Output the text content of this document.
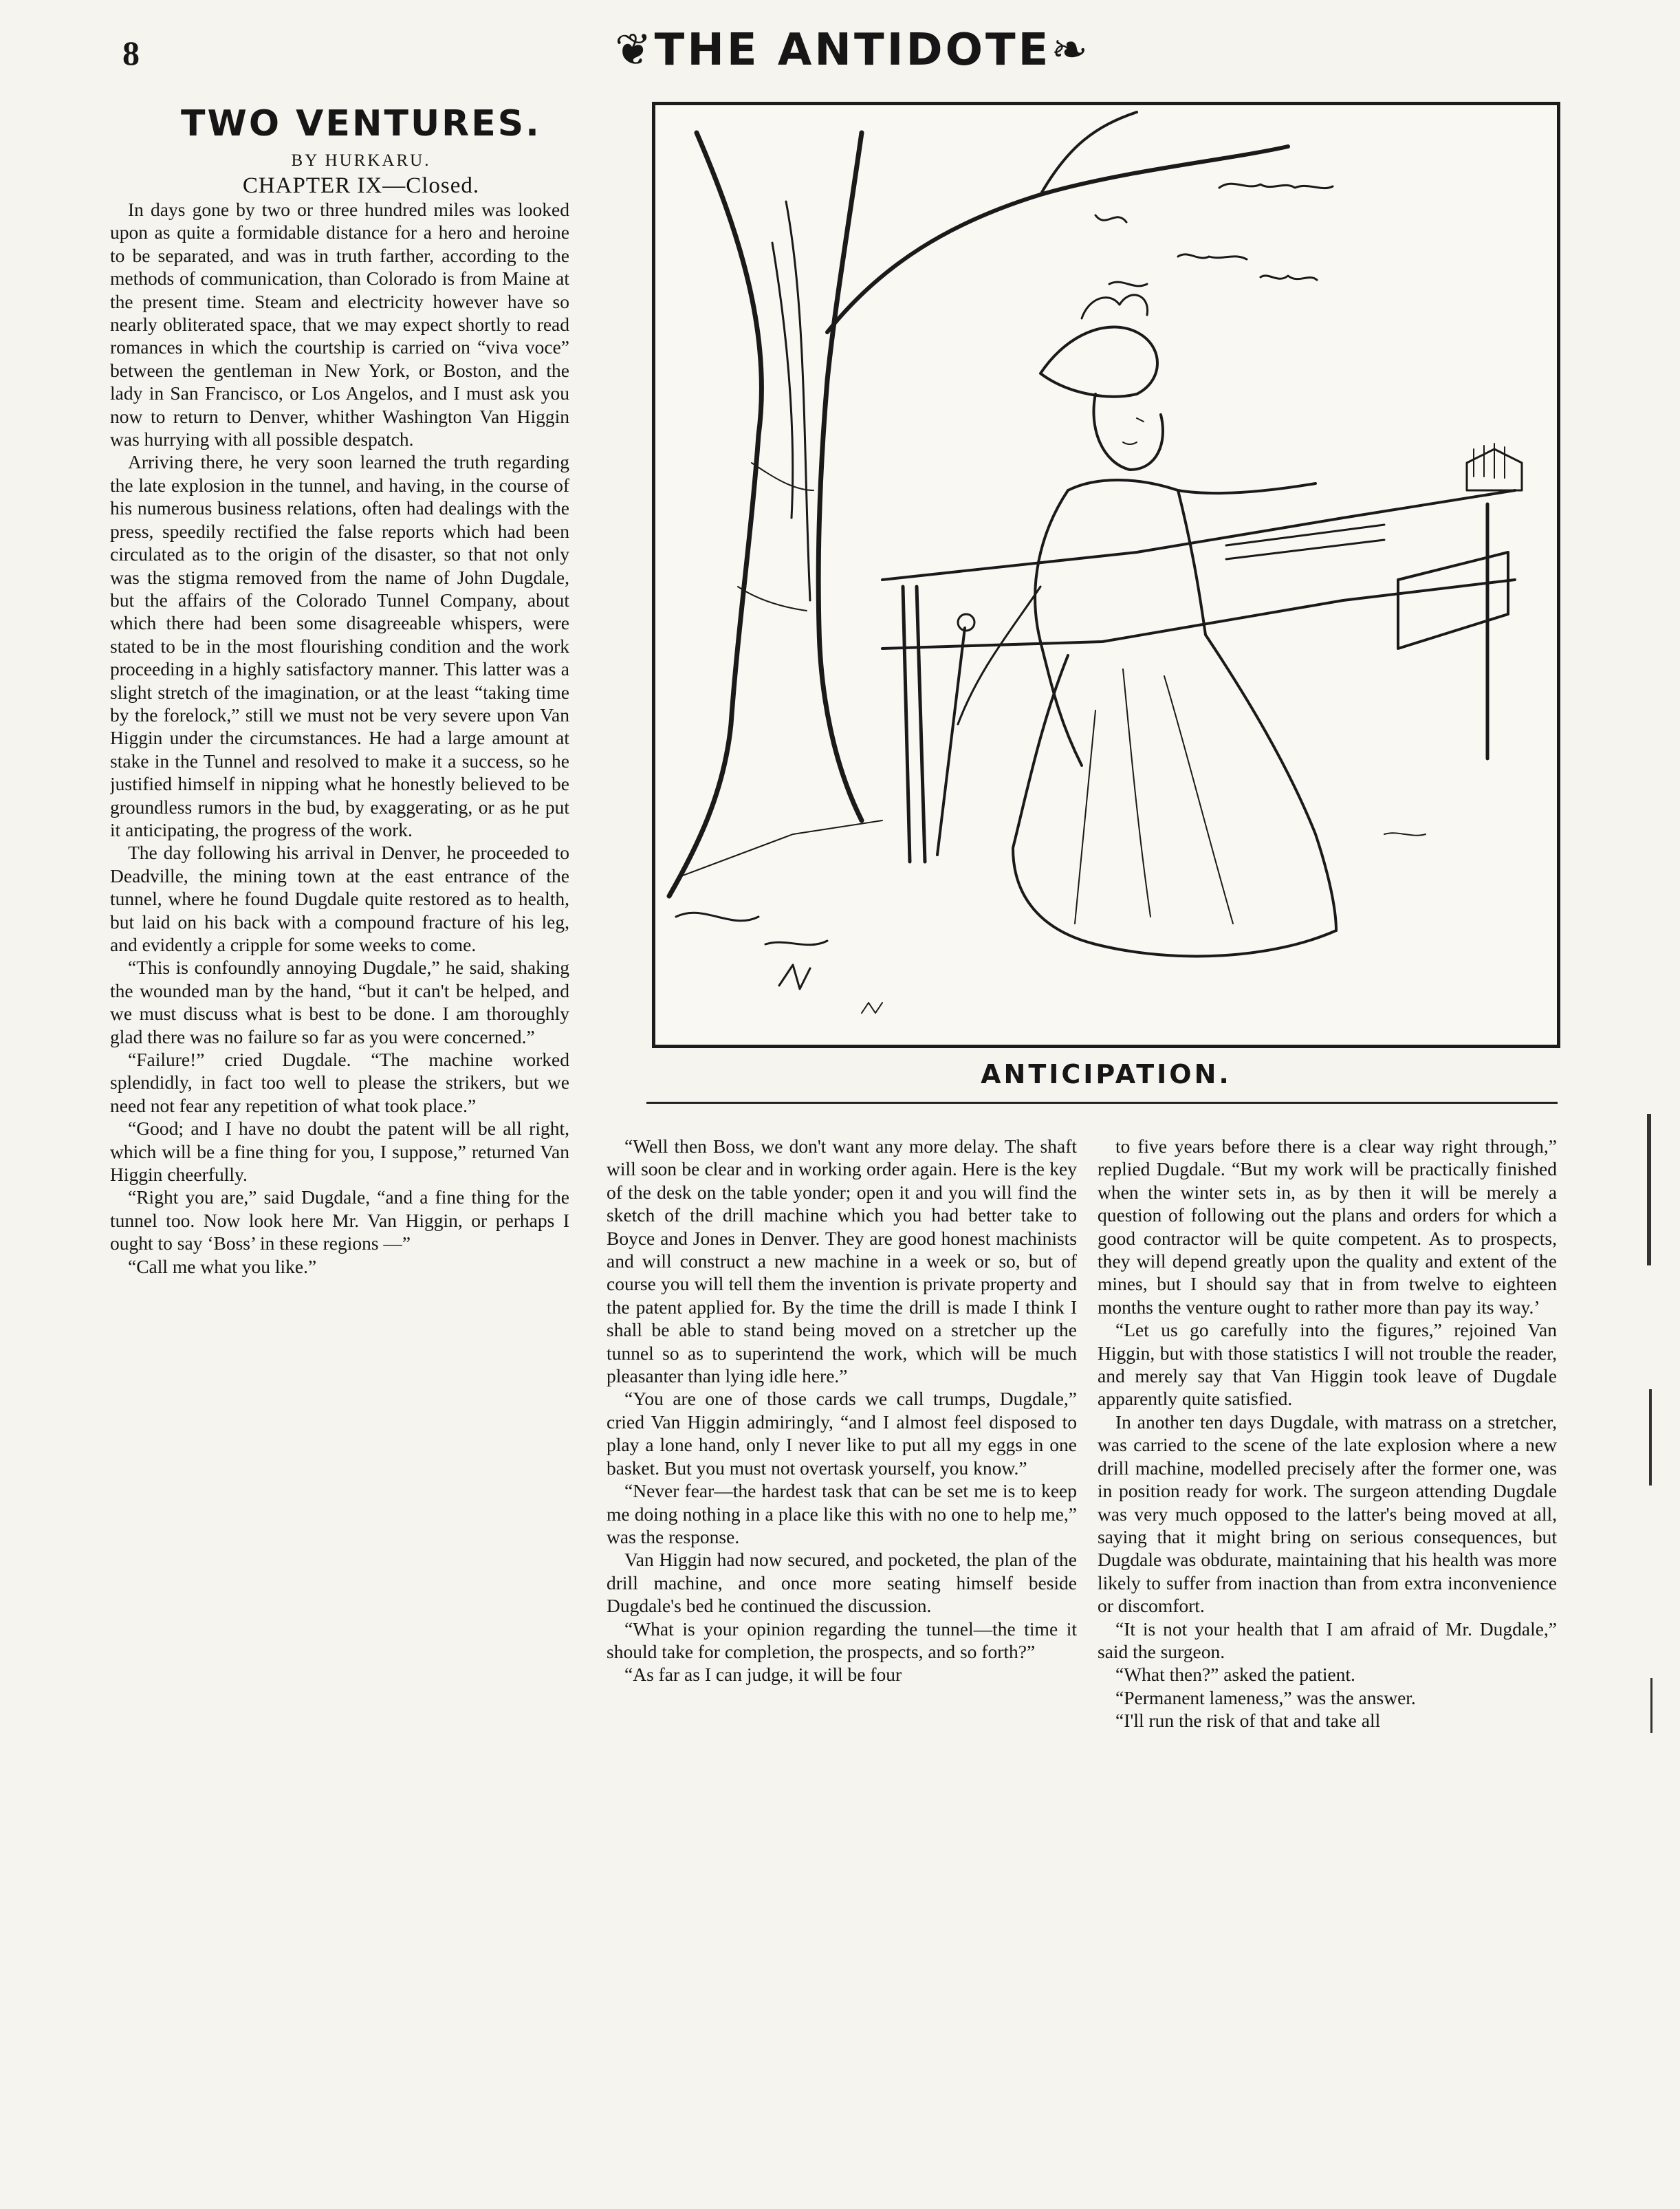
8	❦THE ANTIDOTE❧
TWO VENTURES.
BY HURKARU.
CHAPTER IX—Closed.
ANTICIPATION.

In days gone by two or three hundred miles was looked upon as quite a formidable distance for a hero and heroine to be separated, and was in truth farther, according to the methods of communication, than Colorado is from Maine at the present time. Steam and electricity however have so nearly obliterated space, that we may expect shortly to read romances in which the courtship is carried on “viva voce” between the gentleman in New York, or Boston, and the lady in San Francisco, or Los Angelos, and I must ask you now to return to Denver, whither Washington Van Higgin was hurrying with all possible despatch.

Arriving there, he very soon learned the truth regarding the late explosion in the tunnel, and having, in the course of his numerous business relations, often had dealings with the press, speedily rectified the false reports which had been circulated as to the origin of the disaster, so that not only was the stigma removed from the name of John Dugdale, but the affairs of the Colorado Tunnel Company, about which there had been some disagreeable whispers, were stated to be in the most flourishing condition and the work proceeding in a highly satisfactory manner. This latter was a slight stretch of the imagination, or at the least “taking time by the forelock,” still we must not be very severe upon Van Higgin under the circumstances. He had a large amount at stake in the Tunnel and resolved to make it a success, so he justified himself in nipping what he honestly believed to be groundless rumors in the bud, by exaggerating, or as he put it anticipating, the progress of the work.

The day following his arrival in Denver, he proceeded to Deadville, the mining town at the east entrance of the tunnel, where he found Dugdale quite restored as to health, but laid on his back with a compound fracture of his leg, and evidently a cripple for some weeks to come.

“This is confoundly annoying Dugdale,” he said, shaking the wounded man by the hand, “but it can't be helped, and we must discuss what is best to be done. I am thoroughly glad there was no failure so far as you were concerned.”

“Failure!” cried Dugdale. “The machine worked splendidly, in fact too well to please the strikers, but we need not fear any repetition of what took place.”

“Good; and I have no doubt the patent will be all right, which will be a fine thing for you, I suppose,” returned Van Higgin cheerfully.

“Right you are,” said Dugdale, “and a fine thing for the tunnel too. Now look here Mr. Van Higgin, or perhaps I ought to say ‘Boss’ in these regions —”

“Call me what you like.”

“Well then Boss, we don't want any more delay. The shaft will soon be clear and in working order again. Here is the key of the desk on the table yonder; open it and you will find the sketch of the drill machine which you had better take to Boyce and Jones in Denver. They are good honest machinists and will construct a new machine in a week or so, but of course you will tell them the invention is private property and the patent applied for. By the time the drill is made I think I shall be able to stand being moved on a stretcher up the tunnel so as to superintend the work, which will be much pleasanter than lying idle here.”

“You are one of those cards we call trumps, Dugdale,” cried Van Higgin admiringly, “and I almost feel disposed to play a lone hand, only I never like to put all my eggs in one basket. But you must not overtask yourself, you know.”

“Never fear—the hardest task that can be set me is to keep me doing nothing in a place like this with no one to help me,” was the response.

Van Higgin had now secured, and pocketed, the plan of the drill machine, and once more seating himself beside Dugdale's bed he continued the discussion.

“What is your opinion regarding the tunnel—the time it should take for completion, the prospects, and so forth?”

“As far as I can judge, it will be four

to five years before there is a clear way right through,” replied Dugdale. “But my work will be practically finished when the winter sets in, as by then it will be merely a question of following out the plans and orders for which a good contractor will be quite competent. As to prospects, they will depend greatly upon the quality and extent of the mines, but I should say that in from twelve to eighteen months the venture ought to rather more than pay its way.’

“Let us go carefully into the figures,” rejoined Van Higgin, but with those statistics I will not trouble the reader, and merely say that Van Higgin took leave of Dugdale apparently quite satisfied.

In another ten days Dugdale, with matrass on a stretcher, was carried to the scene of the late explosion where a new drill machine, modelled precisely after the former one, was in position ready for work. The surgeon attending Dugdale was very much opposed to the latter's being moved at all, saying that it might bring on serious consequences, but Dugdale was obdurate, maintaining that his health was more likely to suffer from inaction than from extra inconvenience or discomfort.

“It is not your health that I am afraid of Mr. Dugdale,” said the surgeon.

“What then?” asked the patient.

“Permanent lameness,” was the answer.

“I'll run the risk of that and take all
